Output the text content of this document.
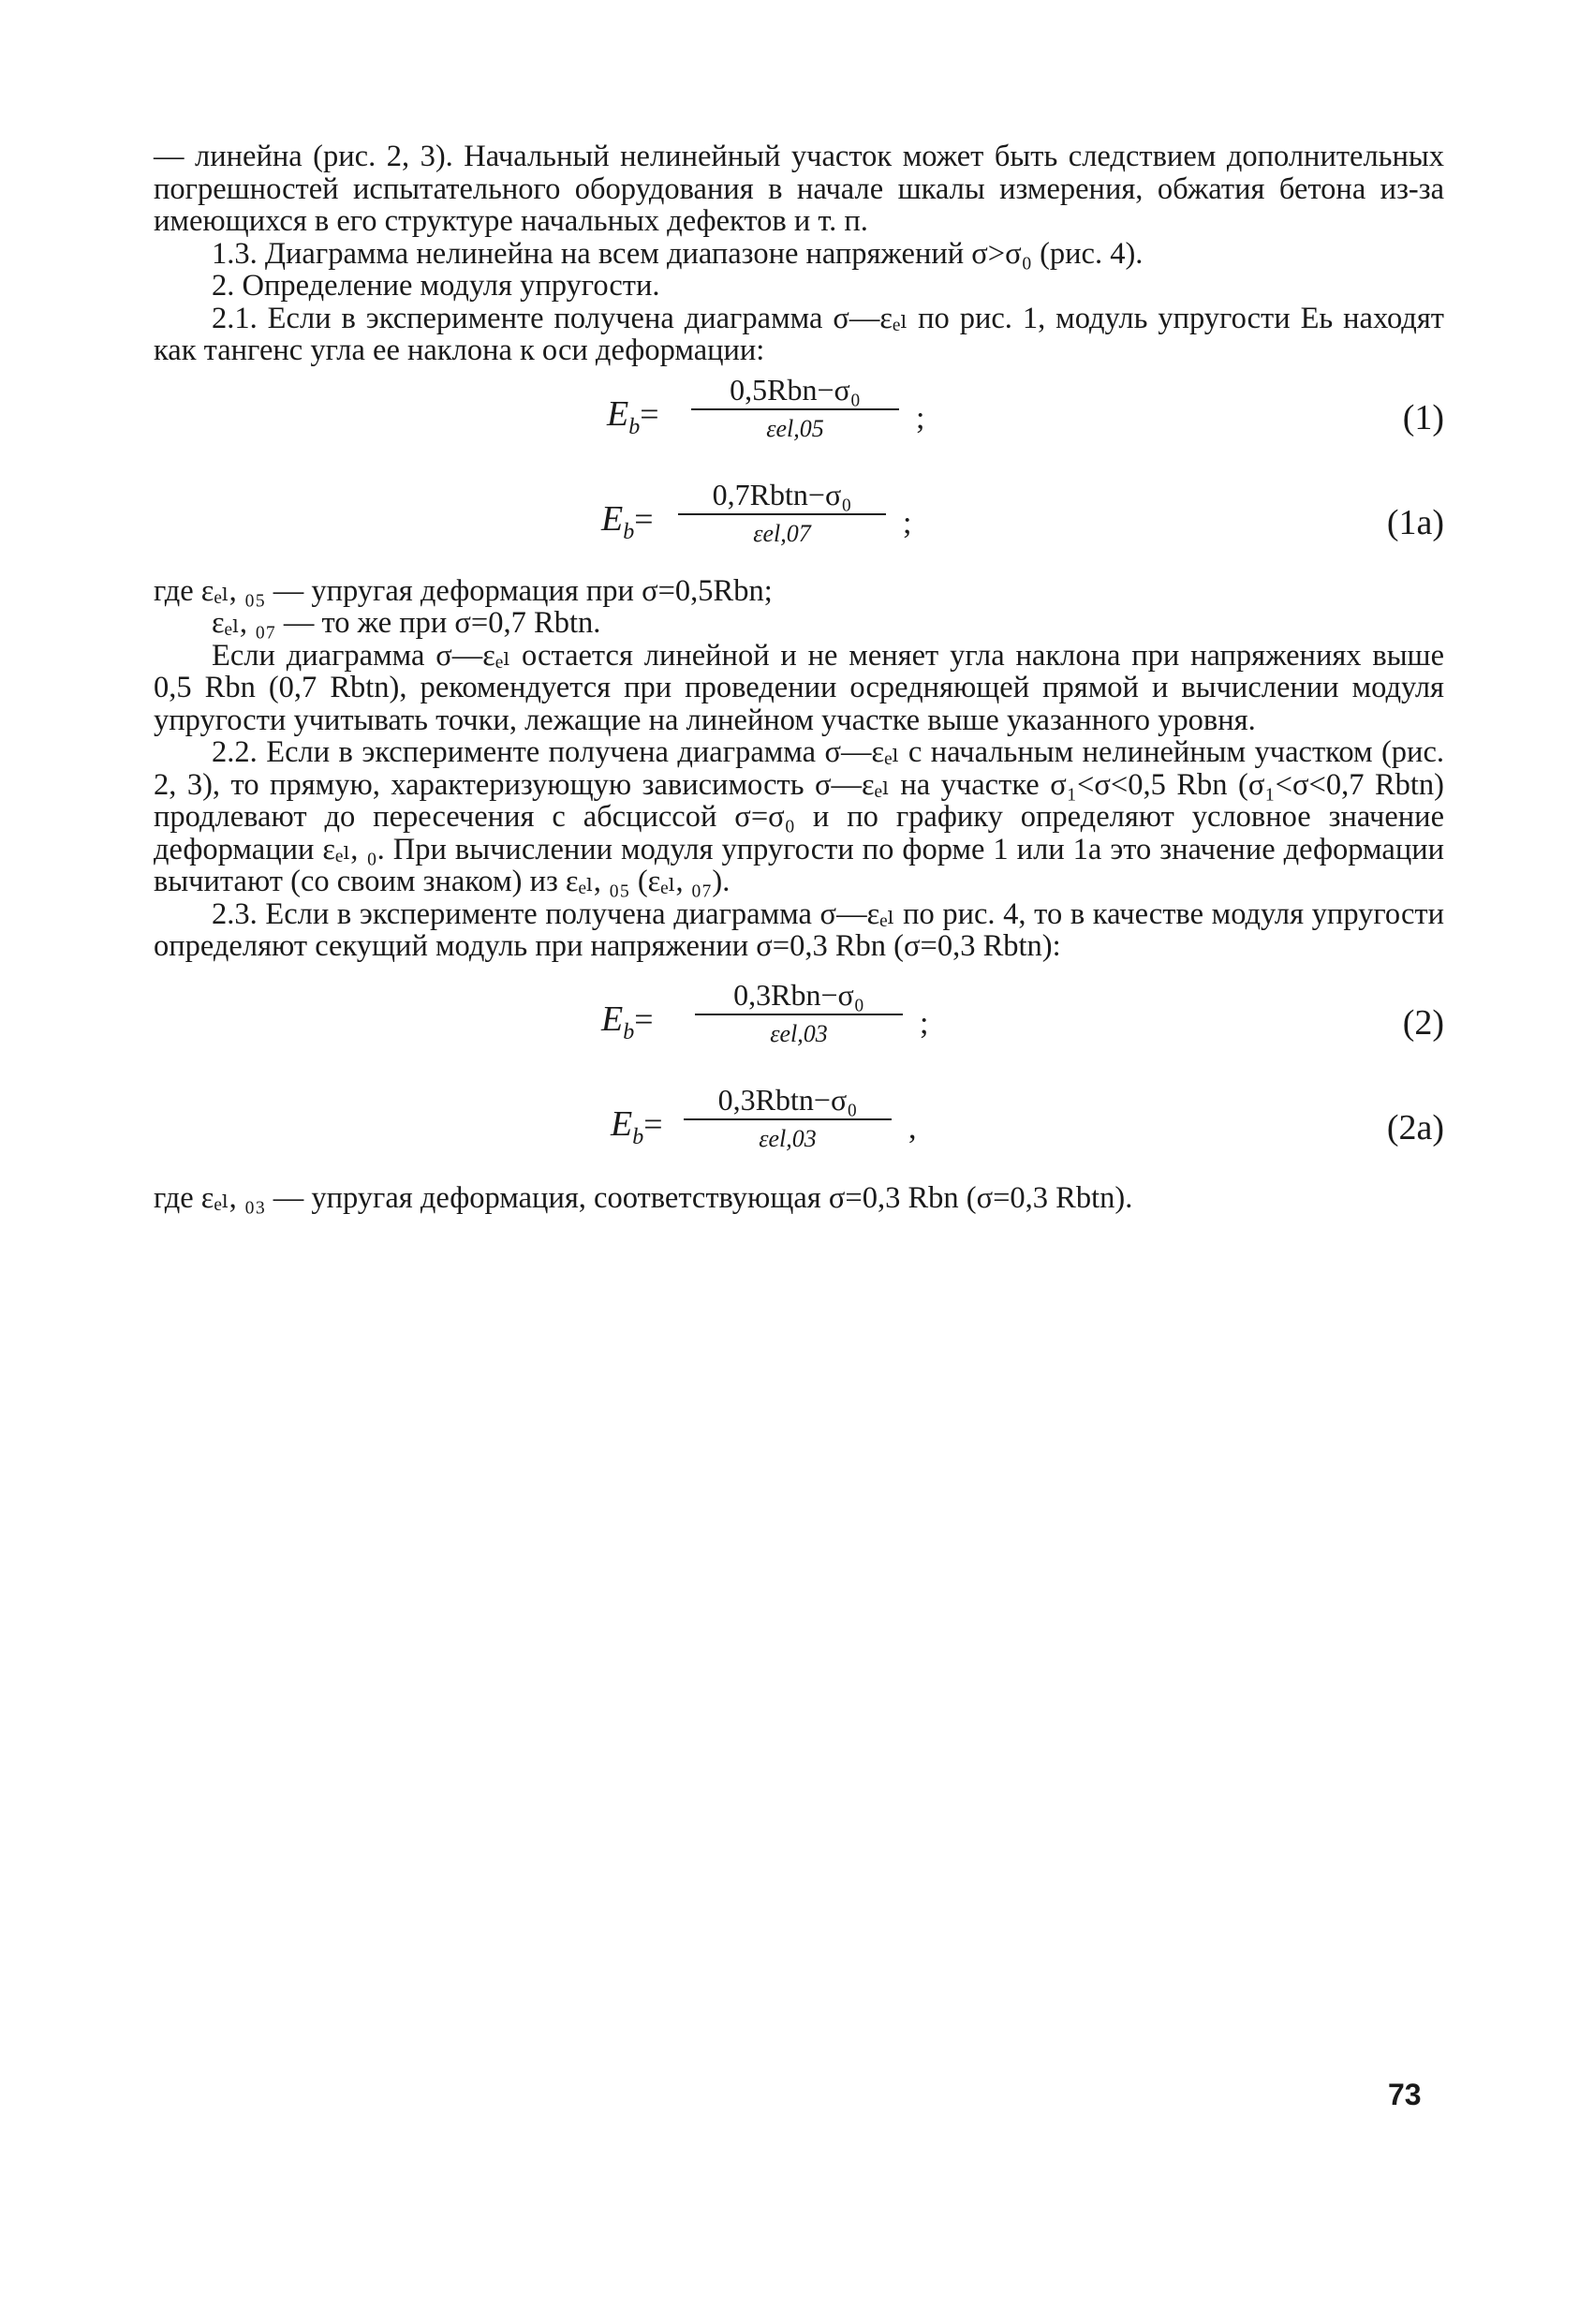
— линейна (рис. 2, 3). Начальный нелинейный участок может быть следствием дополнительных погрешностей испытательного оборудования в начале шкалы измерения, обжатия бетона из-за имеющихся в его структуре начальных дефектов и т. п.

1.3. Диаграмма нелинейна на всем диапазоне напряжений σ>σ₀ (рис. 4).

2. Определение модуля упругости.

2.1. Если в эксперименте получена диаграмма σ—εₑₗ по рис. 1, модуль упругости Eь находят как тангенс угла ее наклона к оси деформации:

$E_b=$
0,5Rbn−σ₀
εel,05	;	(1)
$E_b=$
0,7Rbtn−σ₀
εel,07	;	(1a)

где εₑₗ, ₀₅ — упругая деформация при σ=0,5Rbn;

εₑₗ, ₀₇ — то же при σ=0,7 Rbtn.

Если диаграмма σ—εₑₗ остается линейной и не меняет угла наклона при напряжениях выше 0,5 Rbn (0,7 Rbtn), рекомендуется при проведении осредняющей прямой и вычислении модуля упругости учитывать точки, лежащие на линейном участке выше указанного уровня.

2.2. Если в эксперименте получена диаграмма σ—εₑₗ с начальным нелинейным участком (рис. 2, 3), то прямую, характеризующую зависимость σ—εₑₗ на участке σ₁<σ<0,5 Rbn (σ₁<σ<0,7 Rbtn) продлевают до пересечения с абсциссой σ=σ₀ и по графику определяют условное значение деформации εₑₗ, ₀. При вычислении модуля упругости по форме 1 или 1а это значение деформации вычитают (со своим знаком) из εₑₗ, ₀₅ (εₑₗ, ₀₇).

2.3. Если в эксперименте получена диаграмма σ—εₑₗ по рис. 4, то в качестве модуля упругости определяют секущий модуль при напряжении σ=0,3 Rbn (σ=0,3 Rbtn):

$E_b=$
0,3Rbn−σ₀
εel,03	;	(2)
$E_b=$
0,3Rbtn−σ₀
εel,03	,	(2a)

где εₑₗ, ₀₃ — упругая деформация, соответствующая σ=0,3 Rbn (σ=0,3 Rbtn).

73
